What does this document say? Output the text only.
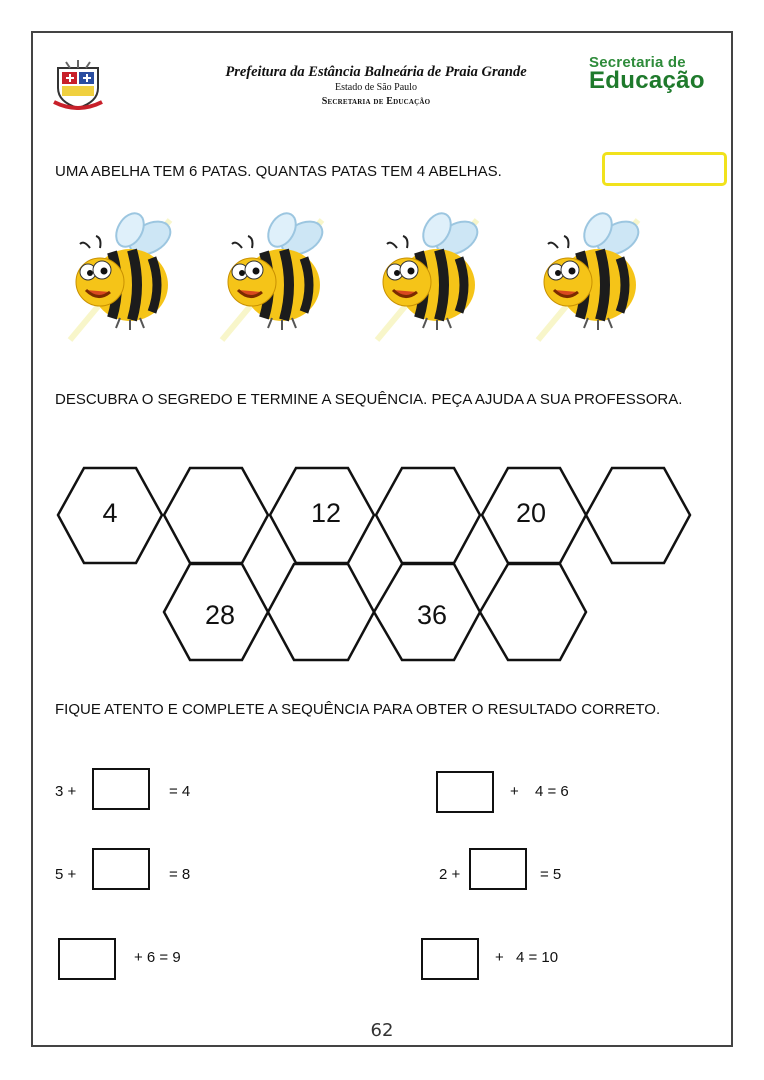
Prefeitura da Estância Balneária de Praia Grande
Estado de São Paulo
Secretaria de Educação
Secretaria de
Educação
UMA ABELHA TEM 6 PATAS. QUANTAS PATAS TEM 4 ABELHAS.
DESCUBRA O SEGREDO E TERMINE A SEQUÊNCIA. PEÇA AJUDA A SUA PROFESSORA.
4	12	20
28	36
FIQUE ATENTO E COMPLETE A SEQUÊNCIA PARA OBTER O RESULTADO CORRETO.
3 +	= 4	+ 4 = 6
5 +	= 8	2 +	= 5
+ 6 = 9	+ 4 = 10
62
